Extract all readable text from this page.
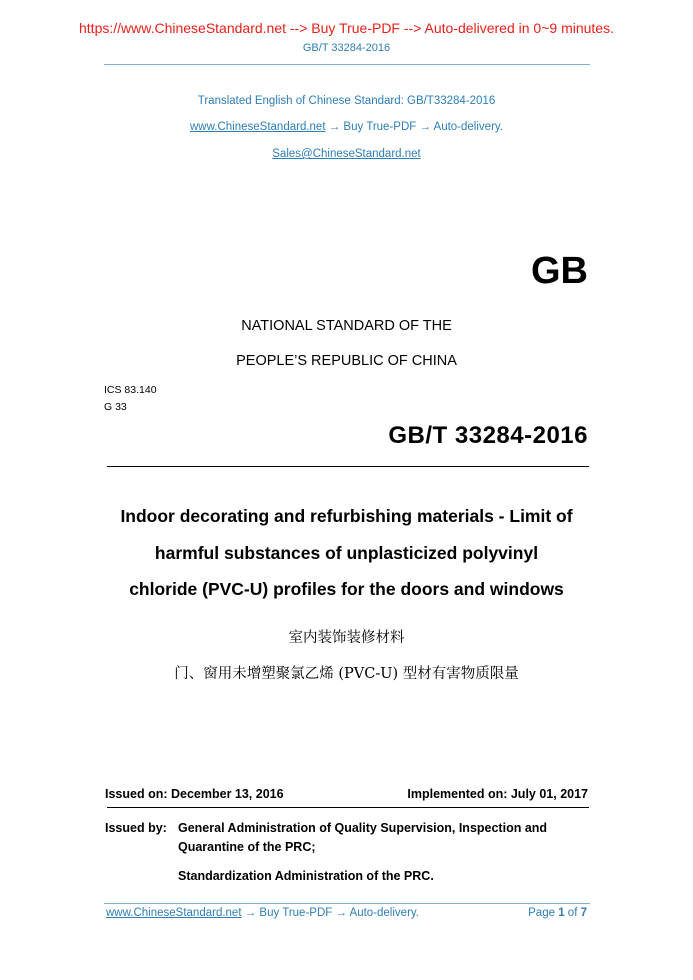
https://www.ChineseStandard.net --> Buy True-PDF --> Auto-delivered in 0~9 minutes.
GB/T 33284-2016
Translated English of Chinese Standard: GB/T33284-2016
www.ChineseStandard.net → Buy True-PDF → Auto-delivery.
Sales@ChineseStandard.net
GB
NATIONAL STANDARD OF THE
PEOPLE’S REPUBLIC OF CHINA
ICS 83.140
G 33
GB/T 33284-2016
Indoor decorating and refurbishing materials - Limit of
harmful substances of unplasticized polyvinyl
chloride (PVC-U) profiles for the doors and windows
室内装饰装修材料
门、窗用未增塑聚氯乙烯 (PVC-U) 型材有害物质限量
Issued on: December 13, 2016	Implemented on: July 01, 2017
Issued by: General Administration of Quality Supervision, Inspection and
Quarantine of the PRC;
Standardization Administration of the PRC.
www.ChineseStandard.net → Buy True-PDF → Auto-delivery.	Page 1 of 7
